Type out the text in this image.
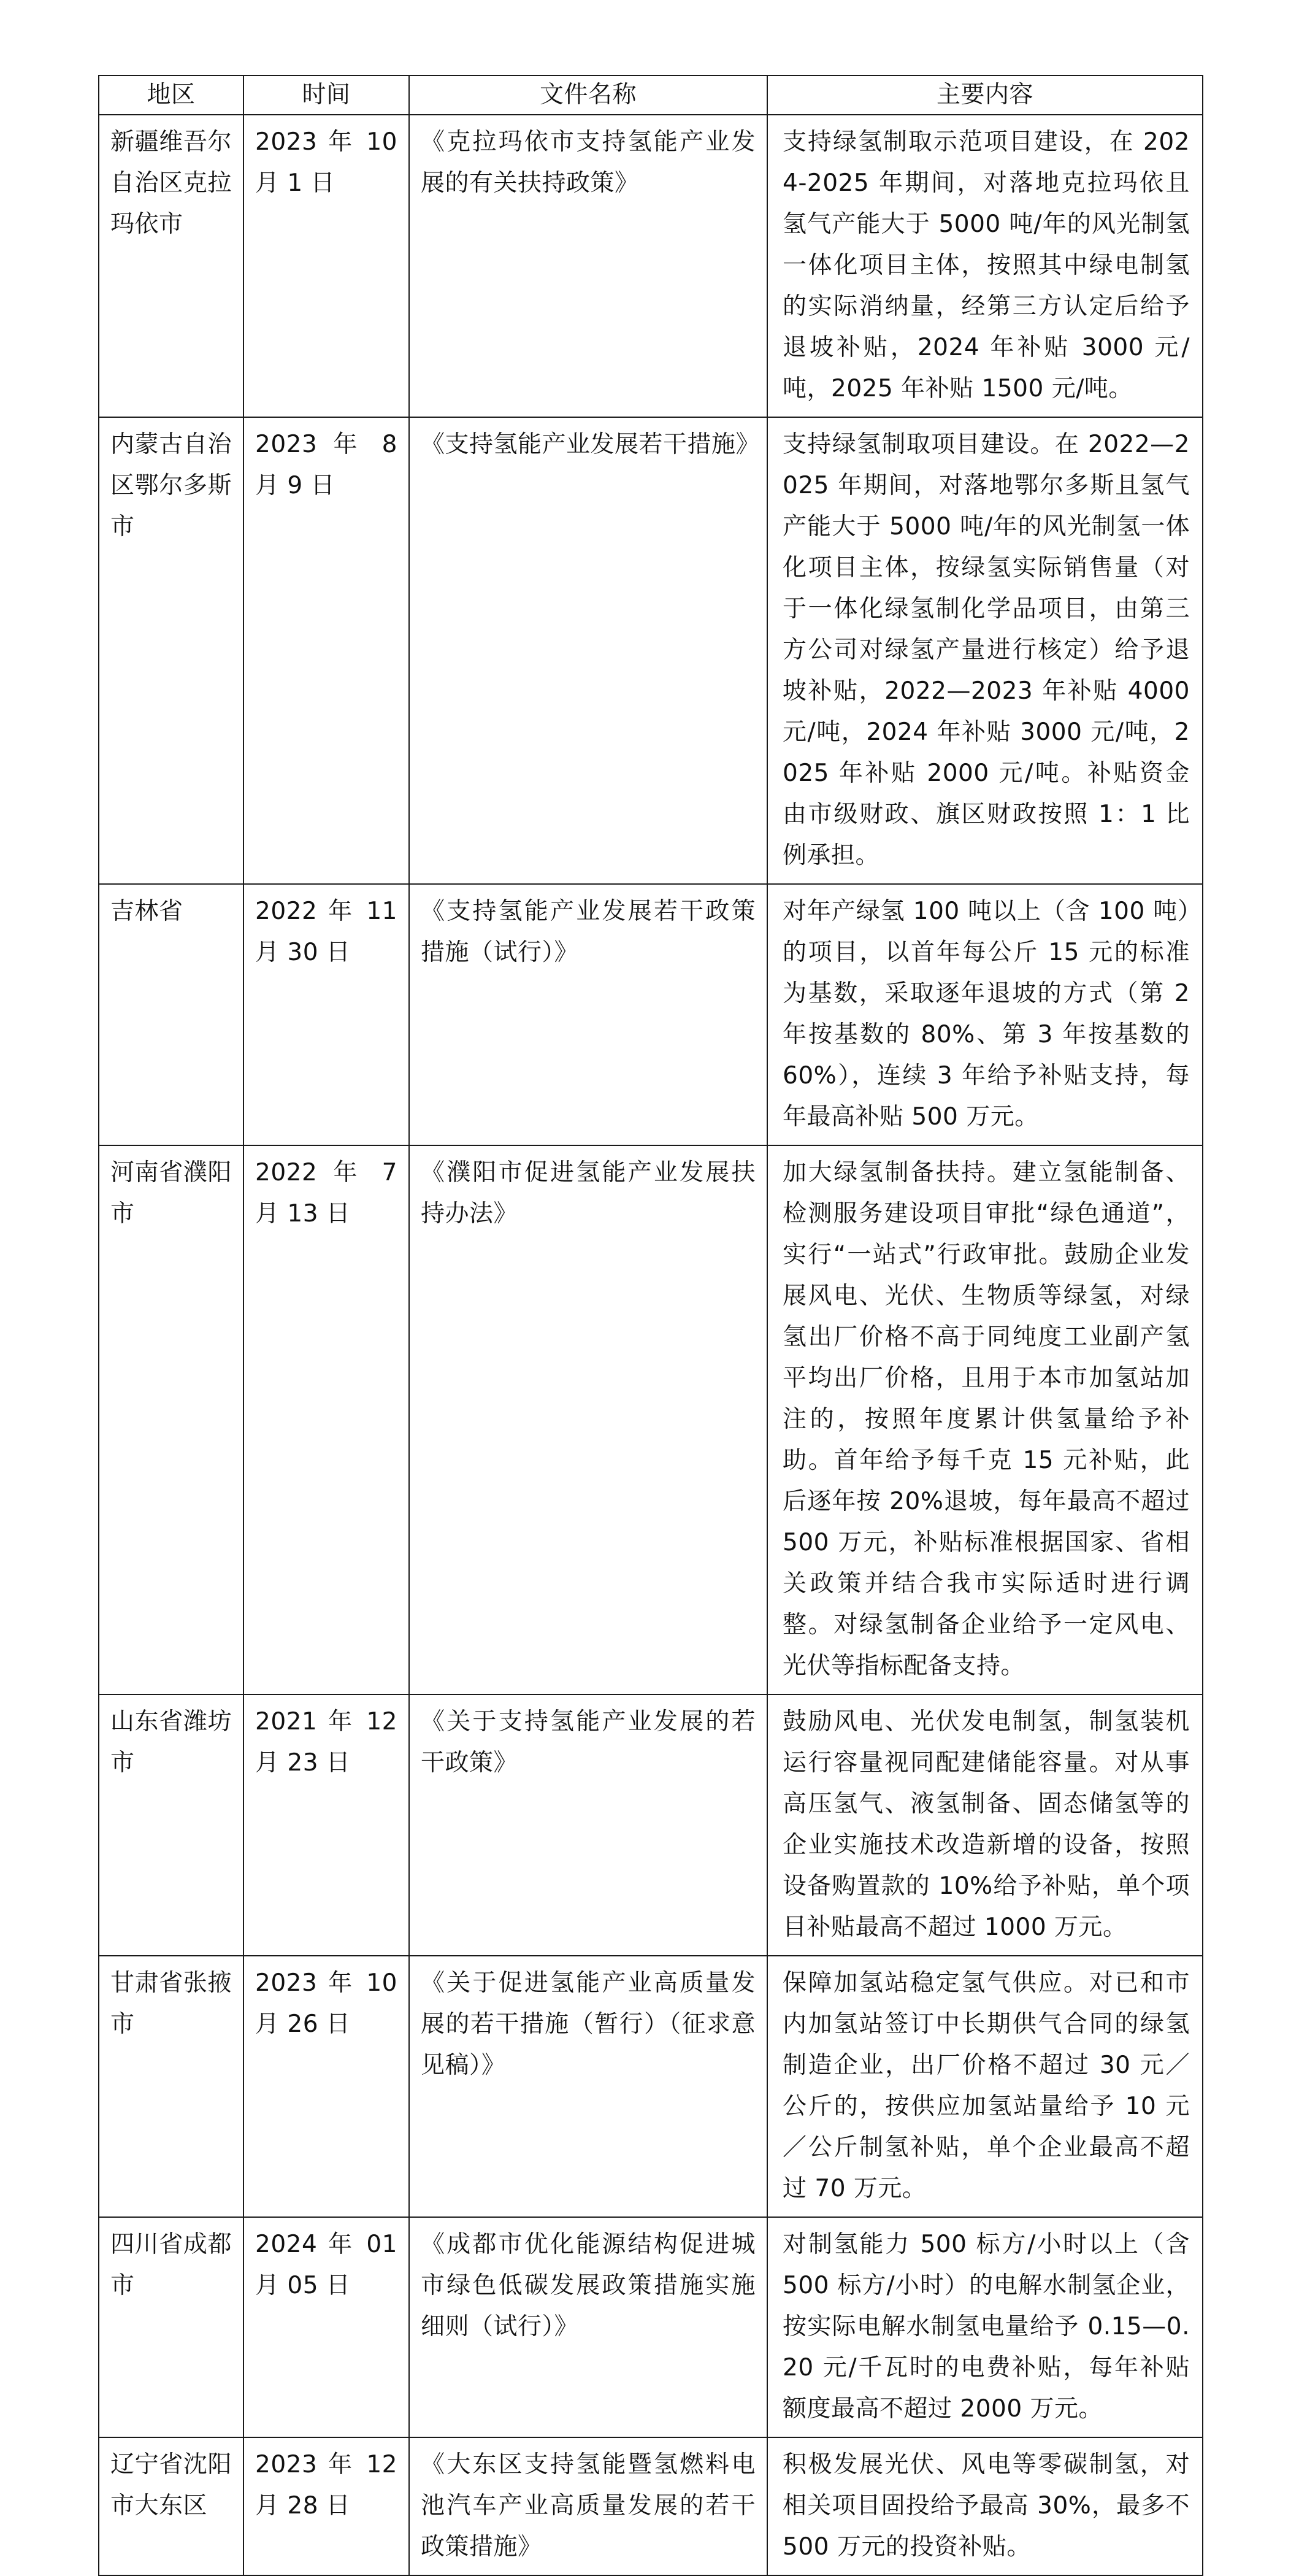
地区	时间	文件名称	主要内容
新疆维吾尔自治区克拉玛依市	2023 年 10 月 1 日	《克拉玛依市支持氢能产业发展的有关扶持政策》	支持绿氢制取示范项目建设，在 2024-2025 年期间，对落地克拉玛依且氢气产能大于 5000 吨/年的风光制氢一体化项目主体，按照其中绿电制氢的实际消纳量，经第三方认定后给予退坡补贴，2024 年补贴 3000 元/吨，2025 年补贴 1500 元/吨。
内蒙古自治区鄂尔多斯市	2023 年 8 月 9 日	《支持氢能产业发展若干措施》	支持绿氢制取项目建设。在 2022—2025 年期间，对落地鄂尔多斯且氢气产能大于 5000 吨/年的风光制氢一体化项目主体，按绿氢实际销售量（对于一体化绿氢制化学品项目，由第三方公司对绿氢产量进行核定）给予退坡补贴，2022—2023 年补贴 4000 元/吨，2024 年补贴 3000 元/吨，2025 年补贴 2000 元/吨。补贴资金由市级财政、旗区财政按照 1：1 比例承担。
吉林省	2022 年 11 月 30 日	《支持氢能产业发展若干政策措施（试行）》	对年产绿氢 100 吨以上（含 100 吨）的项目，以首年每公斤 15 元的标准为基数，采取逐年退坡的方式（第 2 年按基数的 80%、第 3 年按基数的 60%），连续 3 年给予补贴支持，每年最高补贴 500 万元。
河南省濮阳市	2022 年 7 月 13 日	《濮阳市促进氢能产业发展扶持办法》	加大绿氢制备扶持。建立氢能制备、检测服务建设项目审批“绿色通道”，实行“一站式”行政审批。鼓励企业发展风电、光伏、生物质等绿氢，对绿氢出厂价格不高于同纯度工业副产氢平均出厂价格，且用于本市加氢站加注的，按照年度累计供氢量给予补助。首年给予每千克 15 元补贴，此后逐年按 20%退坡，每年最高不超过 500 万元，补贴标准根据国家、省相关政策并结合我市实际适时进行调整。对绿氢制备企业给予一定风电、光伏等指标配备支持。
山东省潍坊市	2021 年 12 月 23 日	《关于支持氢能产业发展的若干政策》	鼓励风电、光伏发电制氢，制氢装机运行容量视同配建储能容量。对从事高压氢气、液氢制备、固态储氢等的企业实施技术改造新增的设备，按照设备购置款的 10%给予补贴，单个项目补贴最高不超过 1000 万元。
甘肃省张掖市	2023 年 10 月 26 日	《关于促进氢能产业高质量发展的若干措施（暂行）（征求意见稿）》	保障加氢站稳定氢气供应。对已和市内加氢站签订中长期供气合同的绿氢制造企业，出厂价格不超过 30 元／公斤的，按供应加氢站量给予 10 元／公斤制氢补贴，单个企业最高不超过 70 万元。
四川省成都市	2024 年 01 月 05 日	《成都市优化能源结构促进城市绿色低碳发展政策措施实施细则（试行）》	对制氢能力 500 标方/小时以上（含 500 标方/小时）的电解水制氢企业，按实际电解水制氢电量给予 0.15—0.20 元/千瓦时的电费补贴，每年补贴额度最高不超过 2000 万元。
辽宁省沈阳市大东区	2023 年 12 月 28 日	《大东区支持氢能暨氢燃料电池汽车产业高质量发展的若干政策措施》	积极发展光伏、风电等零碳制氢，对相关项目固投给予最高 30%，最多不 500 万元的投资补贴。
